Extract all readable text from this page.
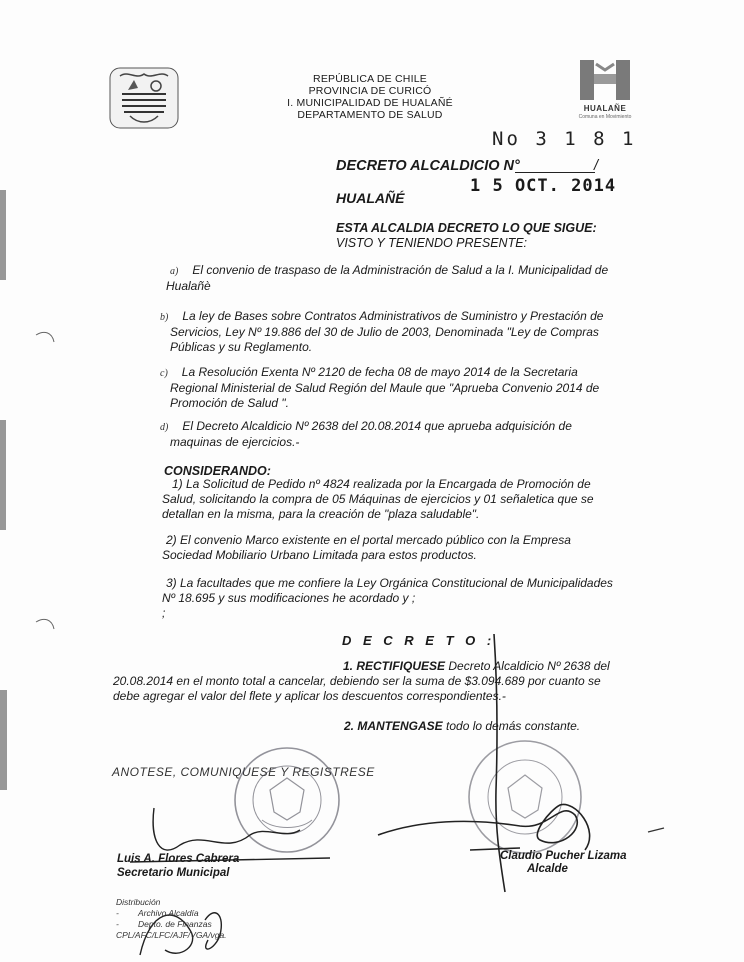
REPÚBLICA DE CHILE
PROVINCIA DE CURICÓ
I. MUNICIPALIDAD DE HUALAÑÉ
DEPARTAMENTO DE SALUD
HUALAÑE
Comuna en Movimiento
No 3 1 8 1
DECRETO ALCALDICIO N°	/
1 5 OCT. 2014
HUALAÑÉ
ESTA ALCALDIA DECRETO LO QUE SIGUE:
VISTO Y TENIENDO PRESENTE:
a) El convenio de traspaso de la Administración de Salud a la I. Municipalidad de
Hualañè
b) La ley de Bases sobre Contratos Administrativos de Suministro y Prestación de
Servicios, Ley Nº 19.886 del 30 de Julio de 2003, Denominada "Ley de Compras
Públicas y su Reglamento.
c) La Resolución Exenta Nº 2120 de fecha 08 de mayo 2014 de la Secretaria
Regional Ministerial de Salud Región del Maule que "Aprueba Convenio 2014 de
Promoción de Salud ".
d) El Decreto Alcaldicio Nº 2638 del 20.08.2014 que aprueba adquisición de
maquinas de ejercicios.-
CONSIDERANDO:
1) La Solicitud de Pedido nº 4824 realizada por la Encargada de Promoción de
Salud, solicitando la compra de 05 Máquinas de ejercicios y 01 señaletica que se
detallan en la misma, para la creación de "plaza saludable".
2) El convenio Marco existente en el portal mercado público con la Empresa
Sociedad Mobiliario Urbano Limitada para estos productos.
3) La facultades que me confiere la Ley Orgánica Constitucional de Municipalidades
Nº 18.695 y sus modificaciones he acordado y ;
;
D E C R E T O :
1. RECTIFIQUESE Decreto Alcaldicio Nº 2638 del
20.08.2014 en el monto total a cancelar, debiendo ser la suma de $3.094.689 por cuanto se
debe agregar el valor del flete y aplicar los descuentos correspondientes.-
2. MANTENGASE todo lo demás constante.
ANOTESE, COMUNIQUESE Y REGISTRESE
Luis A. Flores Cabrera
Secretario Municipal
Claudio Pucher Lizama
Alcalde
Distribución
- Archivo Alcaldía
- Depto. de Finanzas
CPL/AFC/LFC/AJF/VGA/vga.
